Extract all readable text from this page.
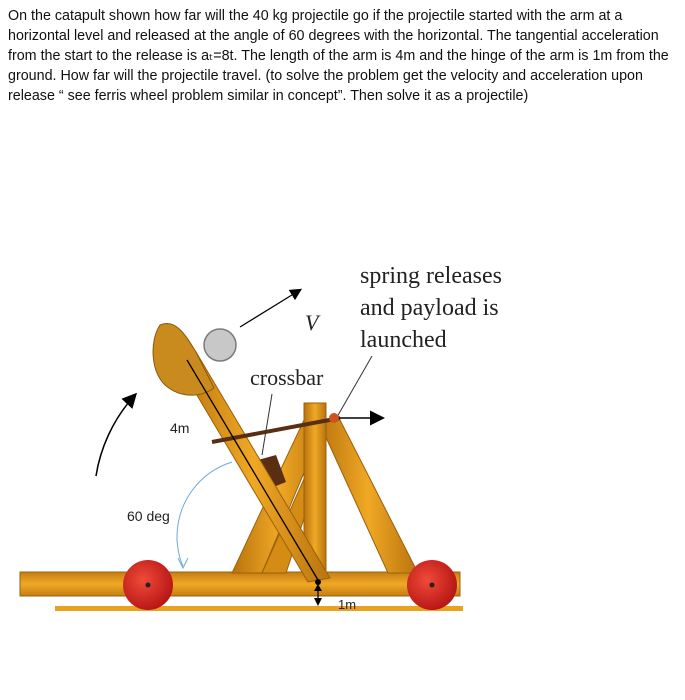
On the catapult shown how far will the 40 kg projectile go if the projectile started with the arm at a horizontal level and released at the angle of 60 degrees with the horizontal. The tangential acceleration from the start to the release is aₜ=8t. The length of the arm is 4m and the hinge of the arm is 1m from the ground. How far will the projectile travel. (to solve the problem get the velocity and acceleration upon release “ see ferris wheel problem similar in concept”. Then solve it as a projectile)
V
spring releases
and payload is
launched
crossbar
4m
60 deg
1m
